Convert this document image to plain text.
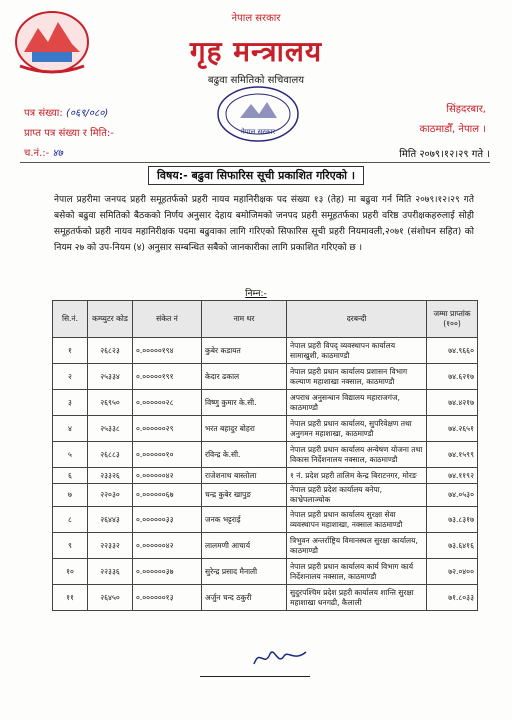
नेपाल सरकार
गृह मन्त्रालय
बढुवा समितिको सचिवालय
नेपाल सरकार
पत्र संख्या: (०६९/०८०)
प्राप्त पत्र संख्या र मिति:-
च.नं.:- ४७
सिंहदरबार,
काठमाडौँ, नेपाल ।
मिति २०७९।१२।२९ गते ।
विषय:- बढुवा सिफारिस सूची प्रकाशित गरिएको ।
नेपाल प्रहरीमा जनपद प्रहरी समूहतर्फको प्रहरी नायव महानिरीक्षक पद संख्या १३ (तेह) मा बढुवा गर्न मिति २०७९।१२।२९ गते बसेको बढुवा समितिको बैठकको निर्णय अनुसार देहाय बमोजिमको जनपद प्रहरी समूहतर्फका प्रहरी वरिष्ठ उपरीक्षकहरुलाई सोही समूहतर्फको प्रहरी नायव महानिरीक्षक पदमा बढुवाका लागि गरिएको सिफारिस सूची प्रहरी नियमावली,२०७१ (संशोधन सहित) को नियम २७ को उप-नियम (४) अनुसार सम्बन्धित सबैको जानकारीका लागि प्रकाशित गरिएको छ ।
निम्न:-
सि.नं.	कम्प्युटर कोड	संकेत नं	नाम थर	दरबन्दी	जम्मा प्राप्तांक (१००)
१	२६८२३	०.०००००१९४	कुबेर कडायत	नेपाल प्रहरी विपद् व्यवस्थापन कार्यालय सामाखुशी, काठमाण्डौ	७४.९६६०
२	२५३३४	०.०००००१९१	केदार ढकाल	नेपाल प्रहरी प्रधान कार्यालय प्रशासन विभाग कल्याण महाशाखा नक्साल, काठमाण्डौ	७४.६२१७
३	२६९५०	०.००००००२८	विष्णु कुमार के.सी.	अपराध अनुसन्धान विद्यालय महाराजगंज, काठमाण्डौ	७४.४२१७
४	२५३३८	०.००००००२९	भरत बहादुर बोहरा	नेपाल प्रहरी प्रधान कार्यालय, सुपरिवेक्षण तथा अनुगमन महाशाखा, काठमाण्डौ	७४.२६५१
५	२६८८३	०.००००००१०	रविन्द्र के.सी.	नेपाल प्रहरी प्रधान कार्यालय अन्वेषण योजना तथा विकास निर्देशनालय नक्साल, काठमाण्डौ	७४.१५९९
६	२३३२६	०.००००००४२	राजेशनाथ बास्तोला	१ नं. प्रदेश प्रहरी तालिम केन्द्र बिराटनगर, मोरङ	७४.११९२
७	२२०३०	०.००००००६७	चन्द्र कुबेर खापुङ	नेपाल प्रहरी प्रदेश कार्यालय बनेपा, काभ्रेपलाञ्चोक	७४.०५३०
८	२६४४३	०.००००००३३	जनक भट्टराई	नेपाल प्रहरी प्रधान कार्यालय सुरक्षा सेवा व्यवस्थापन महाशाखा, नक्साल काठमाण्डौ	७३.८३१७
९	२२३३२	०.००००००४२	लालमणी आचार्य	त्रिभुवन अन्तर्राष्ट्रिय विमानस्थल सुरक्षा कार्यालय, काठमाण्डौ	७३.६४१६
१०	२२३३६	०.००००००३७	सुरेन्द्र प्रसाद मैनाली	नेपाल प्रहरी प्रधान कार्यालय कार्य विभाग कार्य निर्देशनालय नक्साल, काठमाण्डौ	७२.०४००
११	२६४५०	०.००००००१३	अर्जुन चन्द ठकुरी	सुदुरपश्चिम प्रदेश प्रहरी कार्यालय शान्ति सुरक्षा महाशाखा धनगढी, कैलाली	७१.८०३३
